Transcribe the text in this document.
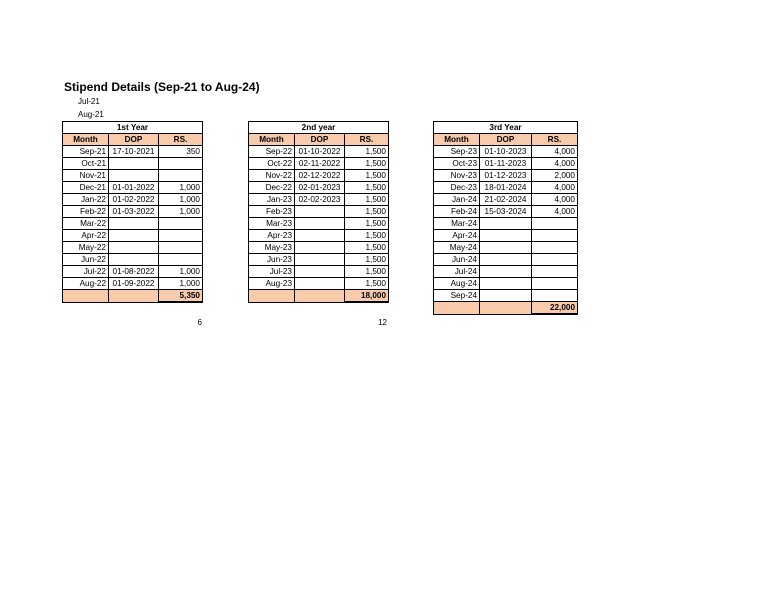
Stipend Details (Sep-21 to Aug-24)
Jul-21
Aug-21
1st Year		
Month	DOP	RS.
Sep-21	17-10-2021	350
Oct-21		
Nov-21		
Dec-21	01-01-2022	1,000
Jan-22	01-02-2022	1,000
Feb-22	01-03-2022	1,000
Mar-22		
Apr-22		
May-22		
Jun-22		
Jul-22	01-08-2022	1,000
Aug-22	01-09-2022	1,000
		5,350
2nd year		
Month	DOP	RS.
Sep-22	01-10-2022	1,500
Oct-22	02-11-2022	1,500
Nov-22	02-12-2022	1,500
Dec-22	02-01-2023	1,500
Jan-23	02-02-2023	1,500
Feb-23		1,500
Mar-23		1,500
Apr-23		1,500
May-23		1,500
Jun-23		1,500
Jul-23		1,500
Aug-23		1,500
		18,000
3rd Year		
Month	DOP	RS.
Sep-23	01-10-2023	4,000
Oct-23	01-11-2023	4,000
Nov-23	01-12-2023	2,000
Dec-23	18-01-2024	4,000
Jan-24	21-02-2024	4,000
Feb-24	15-03-2024	4,000
Mar-24		
Apr-24		
May-24		
Jun-24		
Jul-24		
Aug-24		
Sep-24		
		22,000
6	12
